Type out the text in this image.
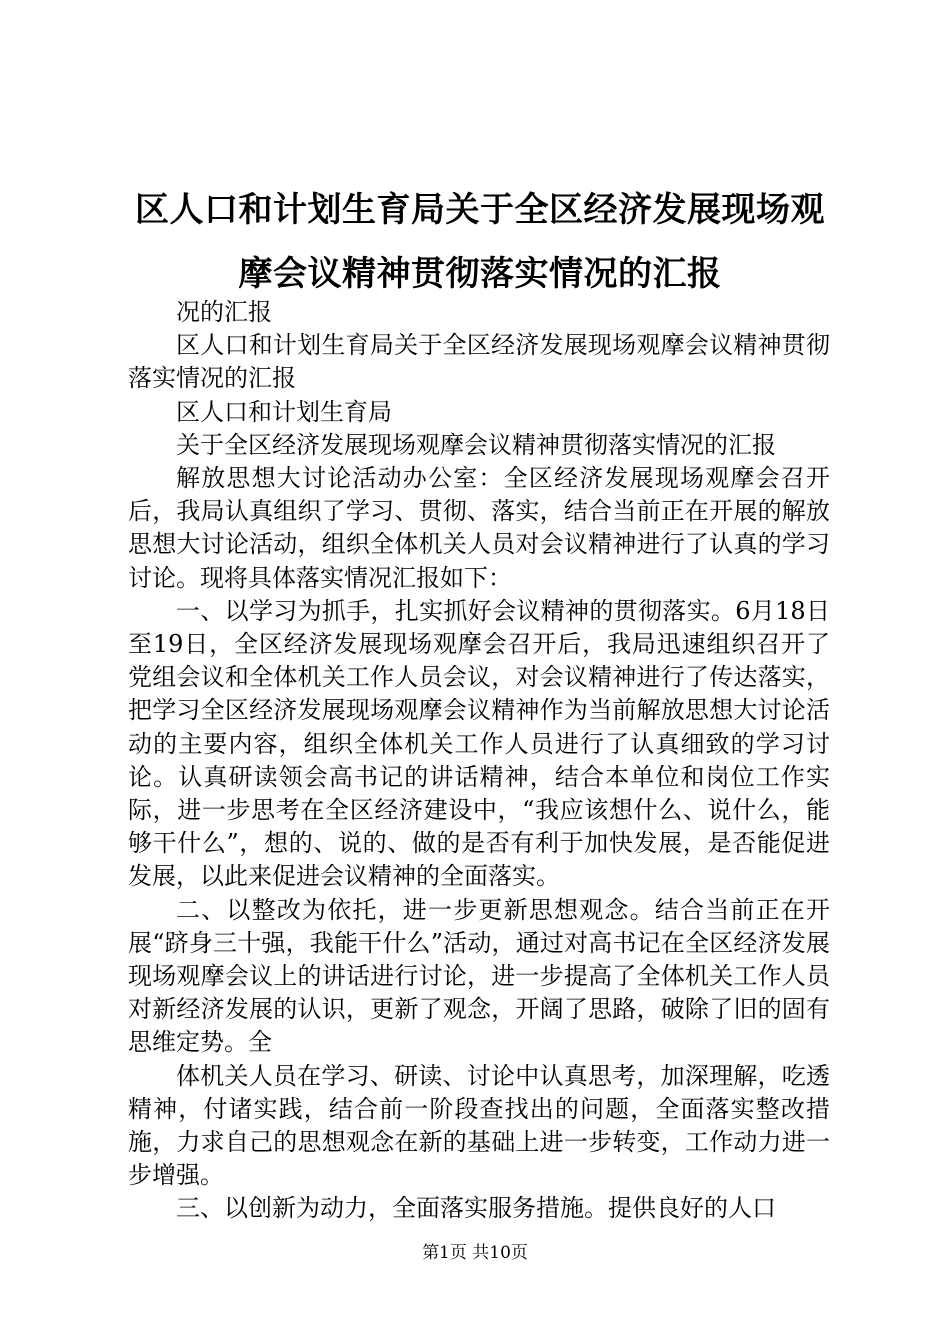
区人口和计划生育局关于全区经济发展现场观
摩会议精神贯彻落实情况的汇报

况的汇报

区人口和计划生育局关于全区经济发展现场观摩会议精神贯彻落实情况的汇报

区人口和计划生育局

关于全区经济发展现场观摩会议精神贯彻落实情况的汇报

解放思想大讨论活动办公室：全区经济发展现场观摩会召开后，我局认真组织了学习、贯彻、落实，结合当前正在开展的解放思想大讨论活动，组织全体机关人员对会议精神进行了认真的学习讨论。现将具体落实情况汇报如下：

一、以学习为抓手，扎实抓好会议精神的贯彻落实。6月18日至19日，全区经济发展现场观摩会召开后，我局迅速组织召开了党组会议和全体机关工作人员会议，对会议精神进行了传达落实，把学习全区经济发展现场观摩会议精神作为当前解放思想大讨论活动的主要内容，组织全体机关工作人员进行了认真细致的学习讨论。认真研读领会高书记的讲话精神，结合本单位和岗位工作实际，进一步思考在全区经济建设中，“我应该想什么、说什么，能够干什么”，想的、说的、做的是否有利于加快发展，是否能促进发展，以此来促进会议精神的全面落实。

二、以整改为依托，进一步更新思想观念。结合当前正在开展“跻身三十强，我能干什么”活动，通过对高书记在全区经济发展现场观摩会议上的讲话进行讨论，进一步提高了全体机关工作人员对新经济发展的认识，更新了观念，开阔了思路，破除了旧的固有思维定势。全

体机关人员在学习、研读、讨论中认真思考，加深理解，吃透精神，付诸实践，结合前一阶段查找出的问题，全面落实整改措施，力求自己的思想观念在新的基础上进一步转变，工作动力进一步增强。

三、以创新为动力，全面落实服务措施。提供良好的人口

第1页 共10页
